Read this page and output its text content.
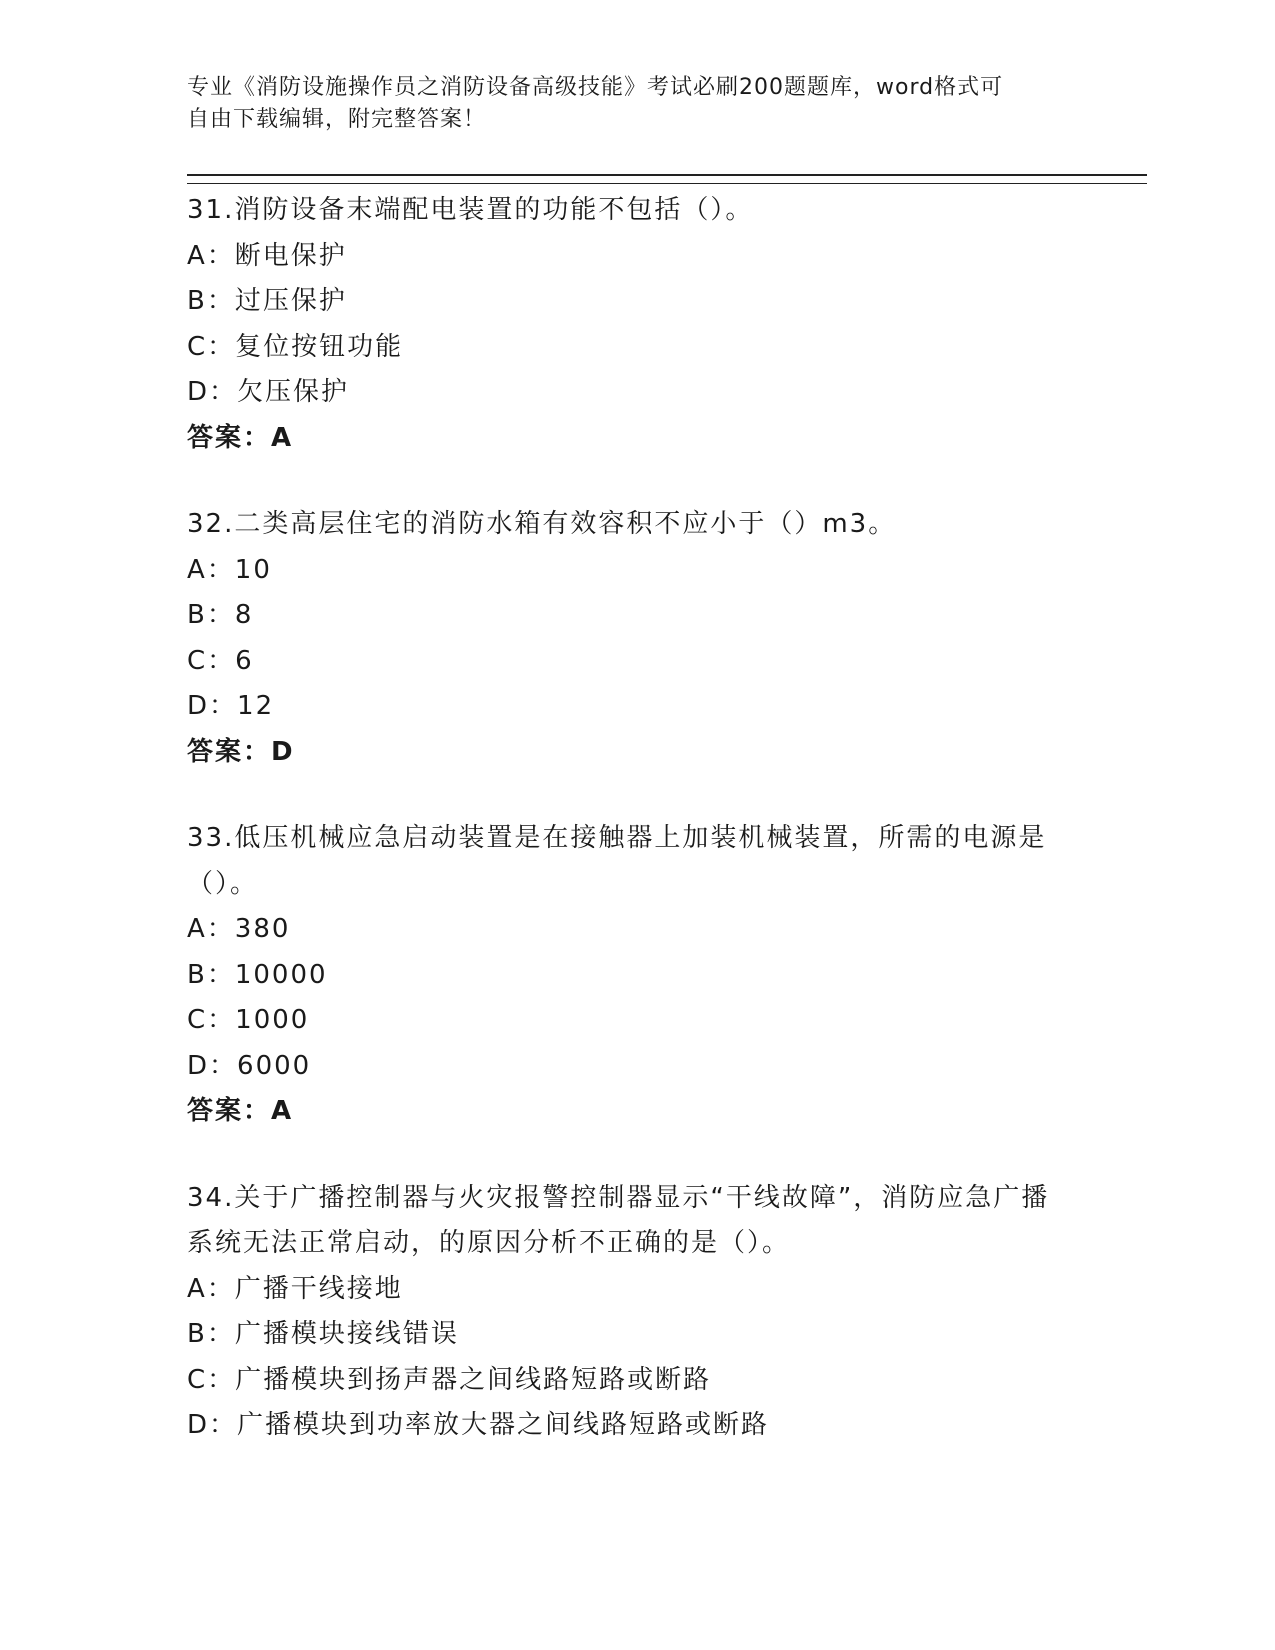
专业《消防设施操作员之消防设备高级技能》考试必刷200题题库，word格式可
自由下载编辑，附完整答案！
31.消防设备末端配电装置的功能不包括（）。
A：断电保护
B：过压保护
C：复位按钮功能
D：欠压保护
答案：A
32.二类高层住宅的消防水箱有效容积不应小于（）m3。
A：10
B：8
C：6
D：12
答案：D
33.低压机械应急启动装置是在接触器上加装机械装置，所需的电源是（）。
A：380
B：10000
C：1000
D：6000
答案：A
34.关于广播控制器与火灾报警控制器显示“干线故障”，消防应急广播系统无法正常启动，的原因分析不正确的是（）。
A：广播干线接地
B：广播模块接线错误
C：广播模块到扬声器之间线路短路或断路
D：广播模块到功率放大器之间线路短路或断路
